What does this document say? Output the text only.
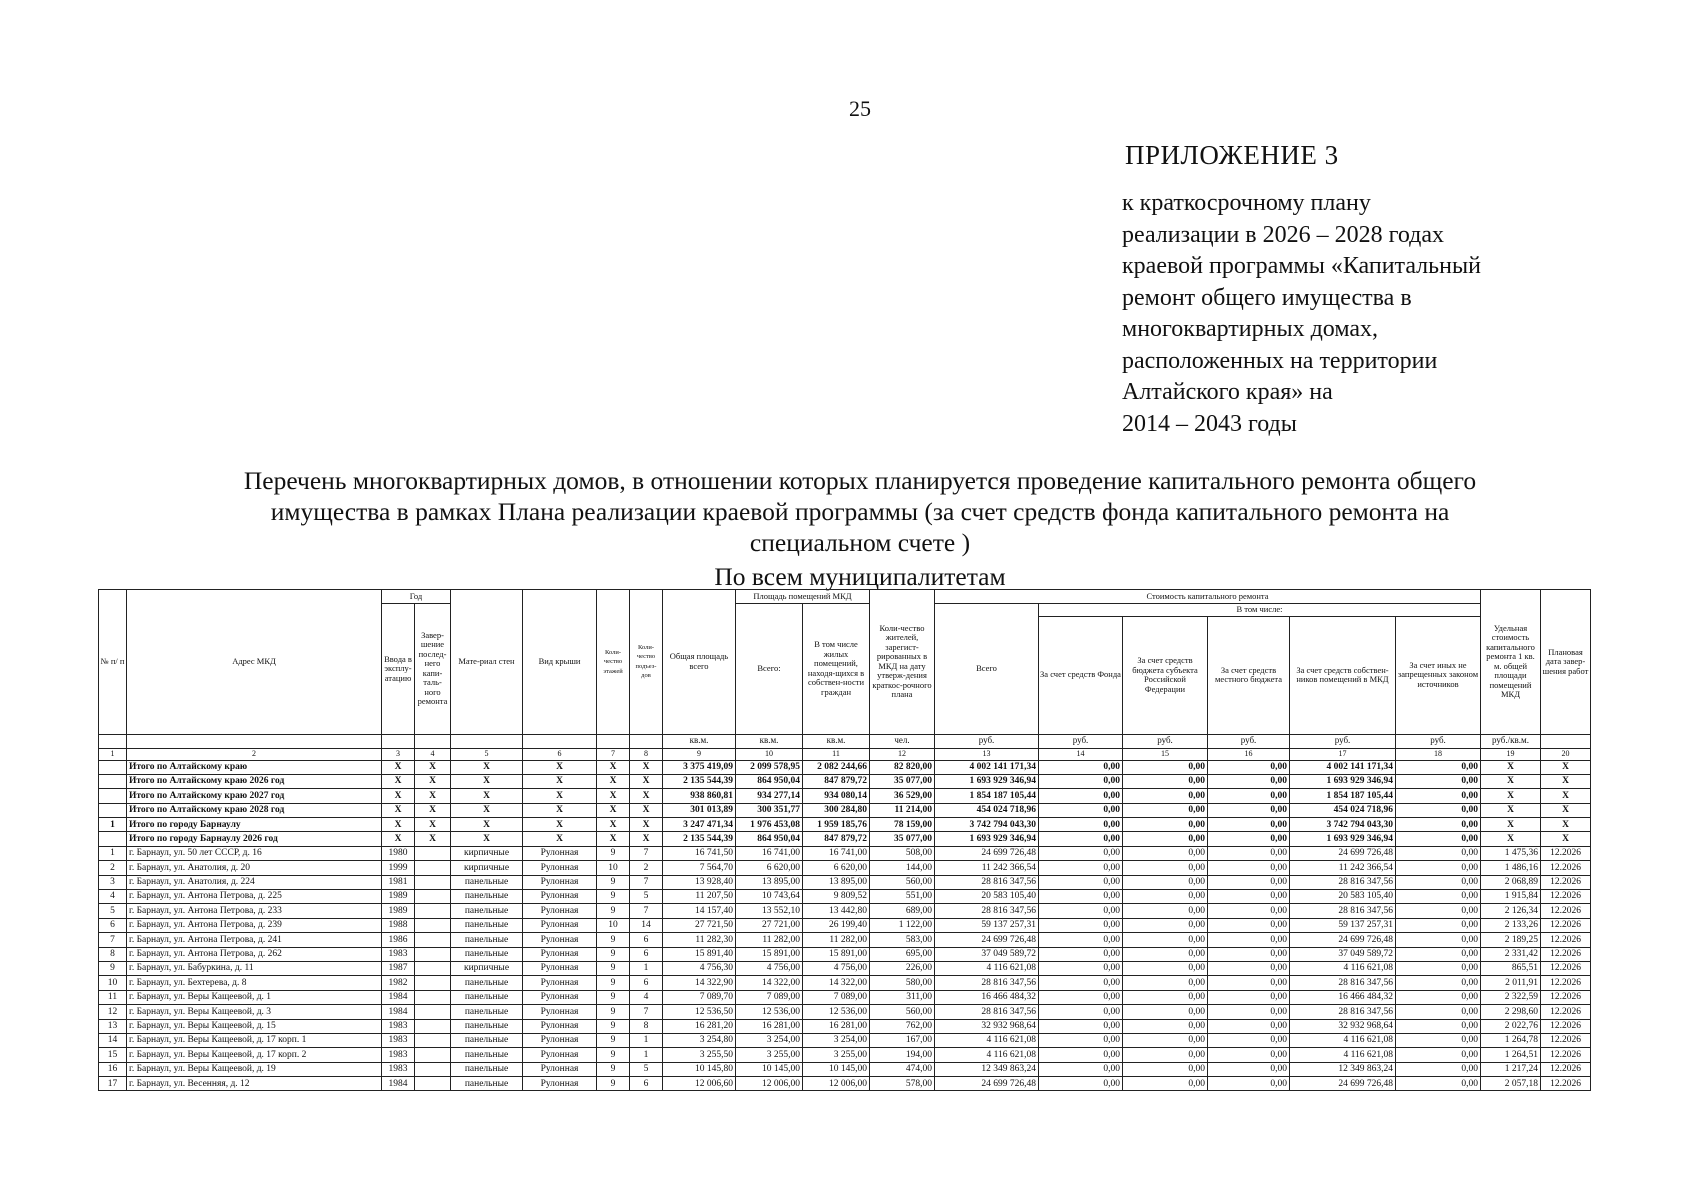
25
ПРИЛОЖЕНИЕ 3
к краткосрочному плану
реализации в 2026 – 2028 годах
краевой программы «Капитальный
ремонт общего имущества в
многоквартирных домах,
расположенных на территории
Алтайского края» на
2014 – 2043 годы
Перечень многоквартирных домов, в отношении которых планируется проведение капитального ремонта общего
имущества в рамках Плана реализации краевой программы (за счет средств фонда капитального ремонта на
специальном счете )
По всем муниципалитетам
№ п/ п	Адрес МКД	Год		Мате-риал стен	Вид крыши	Коли-чество этажей	Коли-чество подъез-дов	Общая площадь всего	Площадь помещений МКД		Коли-чество жителей, зарегист-рированных в МКД на дату утверж-дения краткос-рочного плана	Стоимость капитального ремонта						Удельная стоимость капитального ремонта 1 кв. м. общей площади помещений МКД	Плановая дата завер-шения работ
		Ввода в эксплу-атацию	Завер-шение послед-него капи-таль-ного ремонта						Всего:	В том числе жилых помещений, находя-щихся в собствен-ности граждан		Всего	В том числе:						
													За счет средств Фонда	За счет средств бюджета субъекта Российской Федерации	За счет средств местного бюджета	За счет средств собствен-ников помещений в МКД	За счет иных не запрещенных законом источников		
								кв.м.	кв.м.	кв.м.	чел.	руб.	руб.	руб.	руб.	руб.	руб.	руб./кв.м.	
1	2	3	4	5	6	7	8	9	10	11	12	13	14	15	16	17	18	19	20
	Итого по Алтайскому краю	X	X	X	X	X	X	3 375 419,09	2 099 578,95	2 082 244,66	82 820,00	4 002 141 171,34	0,00	0,00	0,00	4 002 141 171,34	0,00	X	X
	Итого по Алтайскому краю 2026 год	X	X	X	X	X	X	2 135 544,39	864 950,04	847 879,72	35 077,00	1 693 929 346,94	0,00	0,00	0,00	1 693 929 346,94	0,00	X	X
	Итого по Алтайскому краю 2027 год	X	X	X	X	X	X	938 860,81	934 277,14	934 080,14	36 529,00	1 854 187 105,44	0,00	0,00	0,00	1 854 187 105,44	0,00	X	X
	Итого по Алтайскому краю 2028 год	X	X	X	X	X	X	301 013,89	300 351,77	300 284,80	11 214,00	454 024 718,96	0,00	0,00	0,00	454 024 718,96	0,00	X	X
1	Итого по городу Барнаулу	X	X	X	X	X	X	3 247 471,34	1 976 453,08	1 959 185,76	78 159,00	3 742 794 043,30	0,00	0,00	0,00	3 742 794 043,30	0,00	X	X
	Итого по городу Барнаулу 2026 год	X	X	X	X	X	X	2 135 544,39	864 950,04	847 879,72	35 077,00	1 693 929 346,94	0,00	0,00	0,00	1 693 929 346,94	0,00	X	X
1	г. Барнаул, ул. 50 лет СССР, д. 16	1980		кирпичные	Рулонная	9	7	16 741,50	16 741,00	16 741,00	508,00	24 699 726,48	0,00	0,00	0,00	24 699 726,48	0,00	1 475,36	12.2026
2	г. Барнаул, ул. Анатолия, д. 20	1999		кирпичные	Рулонная	10	2	7 564,70	6 620,00	6 620,00	144,00	11 242 366,54	0,00	0,00	0,00	11 242 366,54	0,00	1 486,16	12.2026
3	г. Барнаул, ул. Анатолия, д. 224	1981		панельные	Рулонная	9	7	13 928,40	13 895,00	13 895,00	560,00	28 816 347,56	0,00	0,00	0,00	28 816 347,56	0,00	2 068,89	12.2026
4	г. Барнаул, ул. Антона Петрова, д. 225	1989		панельные	Рулонная	9	5	11 207,50	10 743,64	9 809,52	551,00	20 583 105,40	0,00	0,00	0,00	20 583 105,40	0,00	1 915,84	12.2026
5	г. Барнаул, ул. Антона Петрова, д. 233	1989		панельные	Рулонная	9	7	14 157,40	13 552,10	13 442,80	689,00	28 816 347,56	0,00	0,00	0,00	28 816 347,56	0,00	2 126,34	12.2026
6	г. Барнаул, ул. Антона Петрова, д. 239	1988		панельные	Рулонная	10	14	27 721,50	27 721,00	26 199,40	1 122,00	59 137 257,31	0,00	0,00	0,00	59 137 257,31	0,00	2 133,26	12.2026
7	г. Барнаул, ул. Антона Петрова, д. 241	1986		панельные	Рулонная	9	6	11 282,30	11 282,00	11 282,00	583,00	24 699 726,48	0,00	0,00	0,00	24 699 726,48	0,00	2 189,25	12.2026
8	г. Барнаул, ул. Антона Петрова, д. 262	1983		панельные	Рулонная	9	6	15 891,40	15 891,00	15 891,00	695,00	37 049 589,72	0,00	0,00	0,00	37 049 589,72	0,00	2 331,42	12.2026
9	г. Барнаул, ул. Бабуркина, д. 11	1987		кирпичные	Рулонная	9	1	4 756,30	4 756,00	4 756,00	226,00	4 116 621,08	0,00	0,00	0,00	4 116 621,08	0,00	865,51	12.2026
10	г. Барнаул, ул. Бехтерева, д. 8	1982		панельные	Рулонная	9	6	14 322,90	14 322,00	14 322,00	580,00	28 816 347,56	0,00	0,00	0,00	28 816 347,56	0,00	2 011,91	12.2026
11	г. Барнаул, ул. Веры Кащеевой, д. 1	1984		панельные	Рулонная	9	4	7 089,70	7 089,00	7 089,00	311,00	16 466 484,32	0,00	0,00	0,00	16 466 484,32	0,00	2 322,59	12.2026
12	г. Барнаул, ул. Веры Кащеевой, д. 3	1984		панельные	Рулонная	9	7	12 536,50	12 536,00	12 536,00	560,00	28 816 347,56	0,00	0,00	0,00	28 816 347,56	0,00	2 298,60	12.2026
13	г. Барнаул, ул. Веры Кащеевой, д. 15	1983		панельные	Рулонная	9	8	16 281,20	16 281,00	16 281,00	762,00	32 932 968,64	0,00	0,00	0,00	32 932 968,64	0,00	2 022,76	12.2026
14	г. Барнаул, ул. Веры Кащеевой, д. 17 корп. 1	1983		панельные	Рулонная	9	1	3 254,80	3 254,00	3 254,00	167,00	4 116 621,08	0,00	0,00	0,00	4 116 621,08	0,00	1 264,78	12.2026
15	г. Барнаул, ул. Веры Кащеевой, д. 17 корп. 2	1983		панельные	Рулонная	9	1	3 255,50	3 255,00	3 255,00	194,00	4 116 621,08	0,00	0,00	0,00	4 116 621,08	0,00	1 264,51	12.2026
16	г. Барнаул, ул. Веры Кащеевой, д. 19	1983		панельные	Рулонная	9	5	10 145,80	10 145,00	10 145,00	474,00	12 349 863,24	0,00	0,00	0,00	12 349 863,24	0,00	1 217,24	12.2026
17	г. Барнаул, ул. Весенняя, д. 12	1984		панельные	Рулонная	9	6	12 006,60	12 006,00	12 006,00	578,00	24 699 726,48	0,00	0,00	0,00	24 699 726,48	0,00	2 057,18	12.2026
